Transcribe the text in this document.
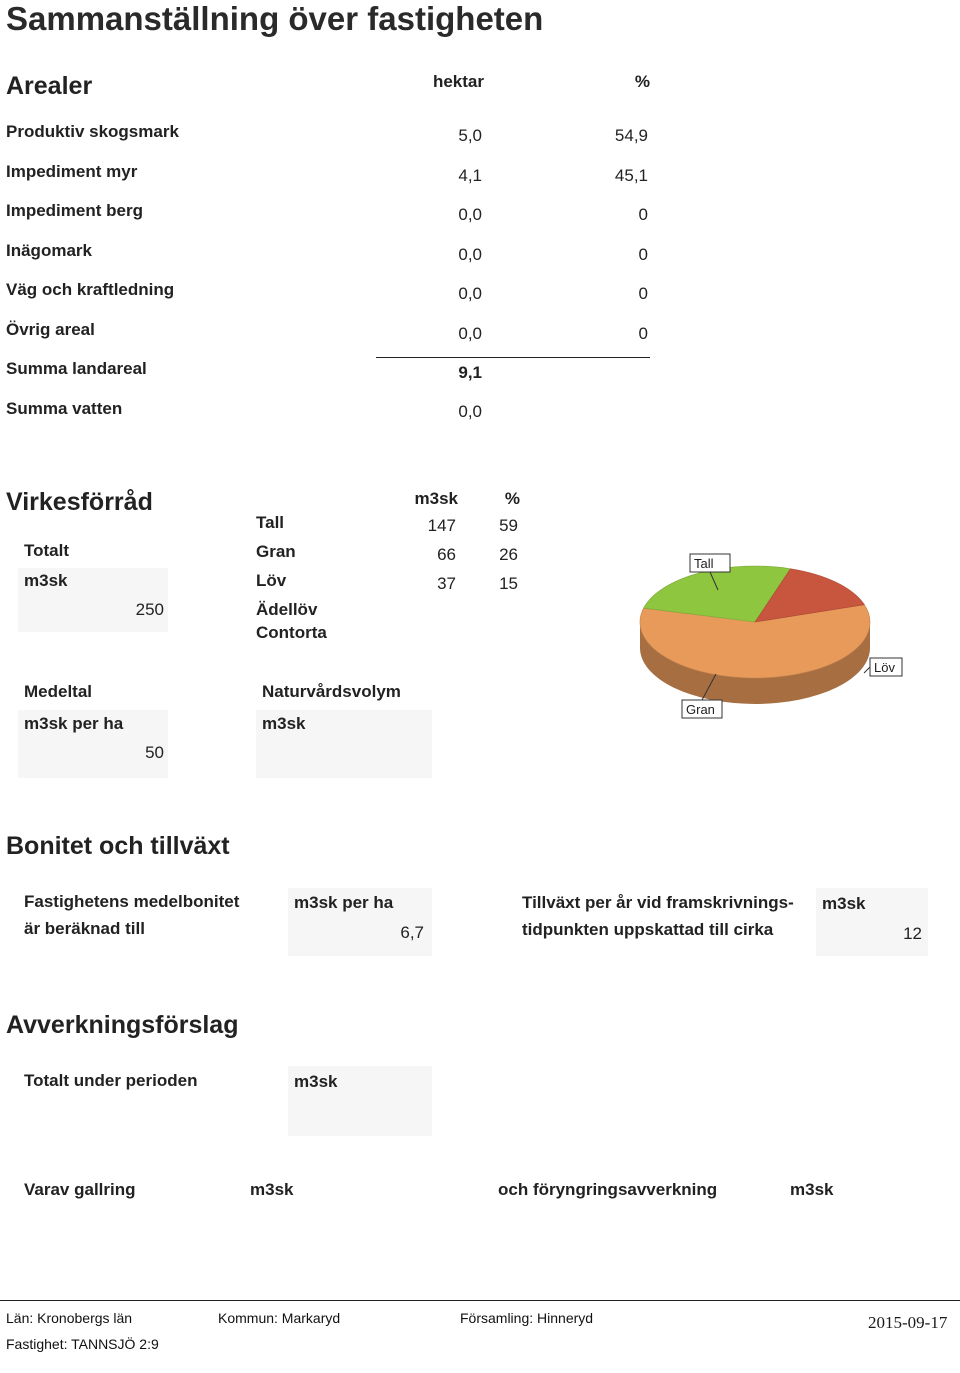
Sammanställning över fastigheten
Arealer	hektar	%
Produktiv skogsmark	5,0	54,9
Impediment myr	4,1	45,1
Impediment berg	0,0	0
Inägomark	0,0	0
Väg och kraftledning	0,0	0
Övrig areal	0,0	0
Summa landareal	9,1
Summa vatten	0,0
Virkesförråd
Totalt
m3sk
250
m3sk	%
Tall	147	59
Gran	66	26
Löv	37	15
Ädellöv
Contorta
Medeltal
m3sk per ha
50
Naturvårdsvolym
m3sk
Tall
Gran
Löv
Bonitet och tillväxt
Fastighetens medelbonitet
är beräknad till
m3sk per ha
6,7
Tillväxt per år vid framskrivnings-
tidpunkten uppskattad till cirka
m3sk
12
Avverkningsförslag
Totalt under perioden	m3sk
Varav gallring	m3sk	och föryngringsavverkning	m3sk
Län: Kronobergs län	Kommun: Markaryd	Församling: Hinneryd
Fastighet: TANNSJÖ 2:9
2015-09-17
